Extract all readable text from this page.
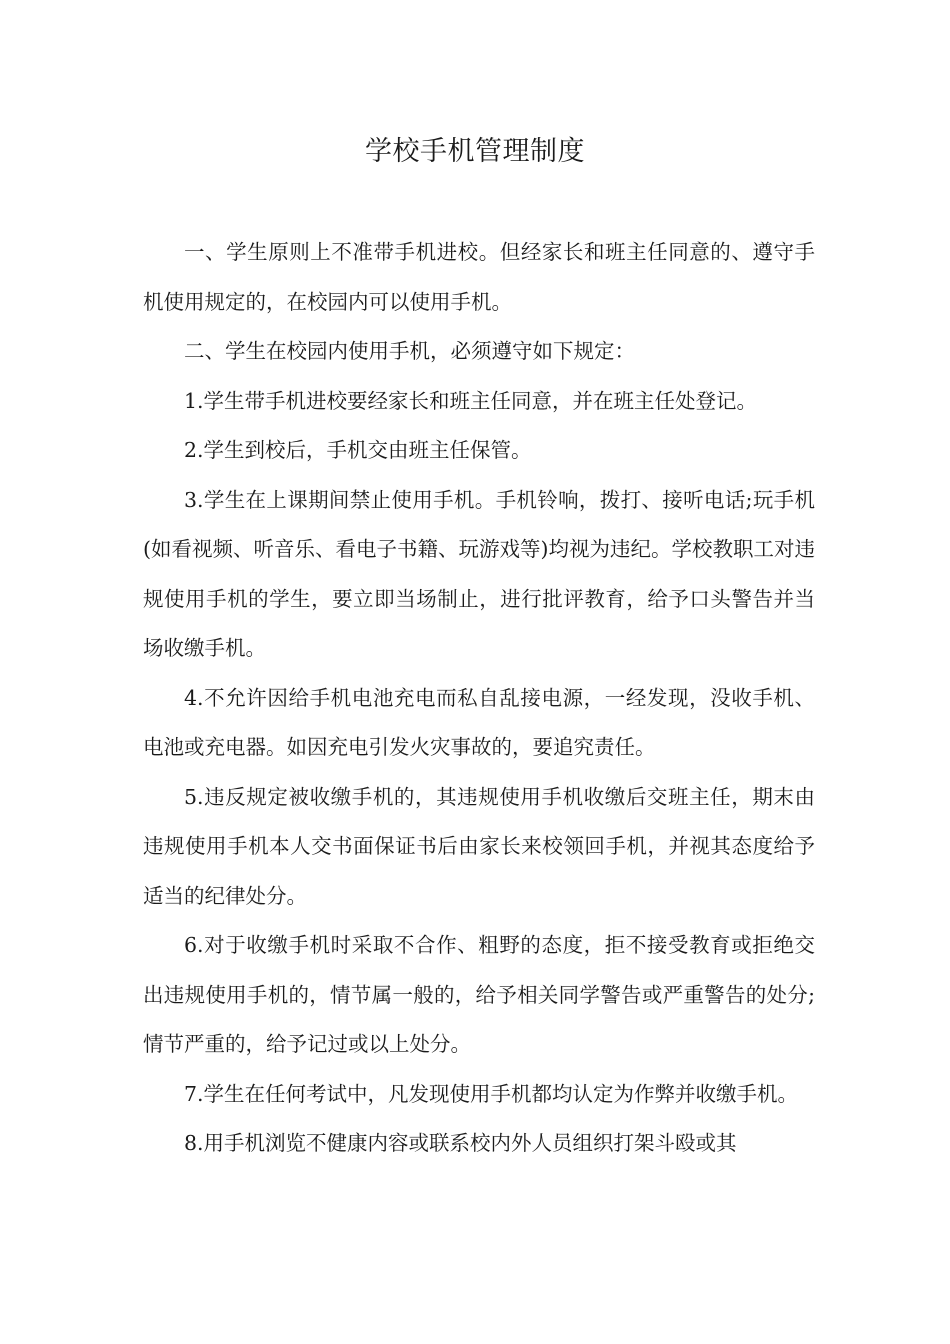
学校手机管理制度

一、学生原则上不准带手机进校。但经家长和班主任同意的、遵守手机使用规定的，在校园内可以使用手机。

二、学生在校园内使用手机，必须遵守如下规定：

1.学生带手机进校要经家长和班主任同意，并在班主任处登记。

2.学生到校后，手机交由班主任保管。

3.学生在上课期间禁止使用手机。手机铃响，拨打、接听电话;玩手机(如看视频、听音乐、看电子书籍、玩游戏等)均视为违纪。学校教职工对违规使用手机的学生，要立即当场制止，进行批评教育，给予口头警告并当场收缴手机。

4.不允许因给手机电池充电而私自乱接电源，一经发现，没收手机、电池或充电器。如因充电引发火灾事故的，要追究责任。

5.违反规定被收缴手机的，其违规使用手机收缴后交班主任，期末由违规使用手机本人交书面保证书后由家长来校领回手机，并视其态度给予适当的纪律处分。

6.对于收缴手机时采取不合作、粗野的态度，拒不接受教育或拒绝交出违规使用手机的，情节属一般的，给予相关同学警告或严重警告的处分;情节严重的，给予记过或以上处分。

7.学生在任何考试中，凡发现使用手机都均认定为作弊并收缴手机。

8.用手机浏览不健康内容或联系校内外人员组织打架斗殴或其
